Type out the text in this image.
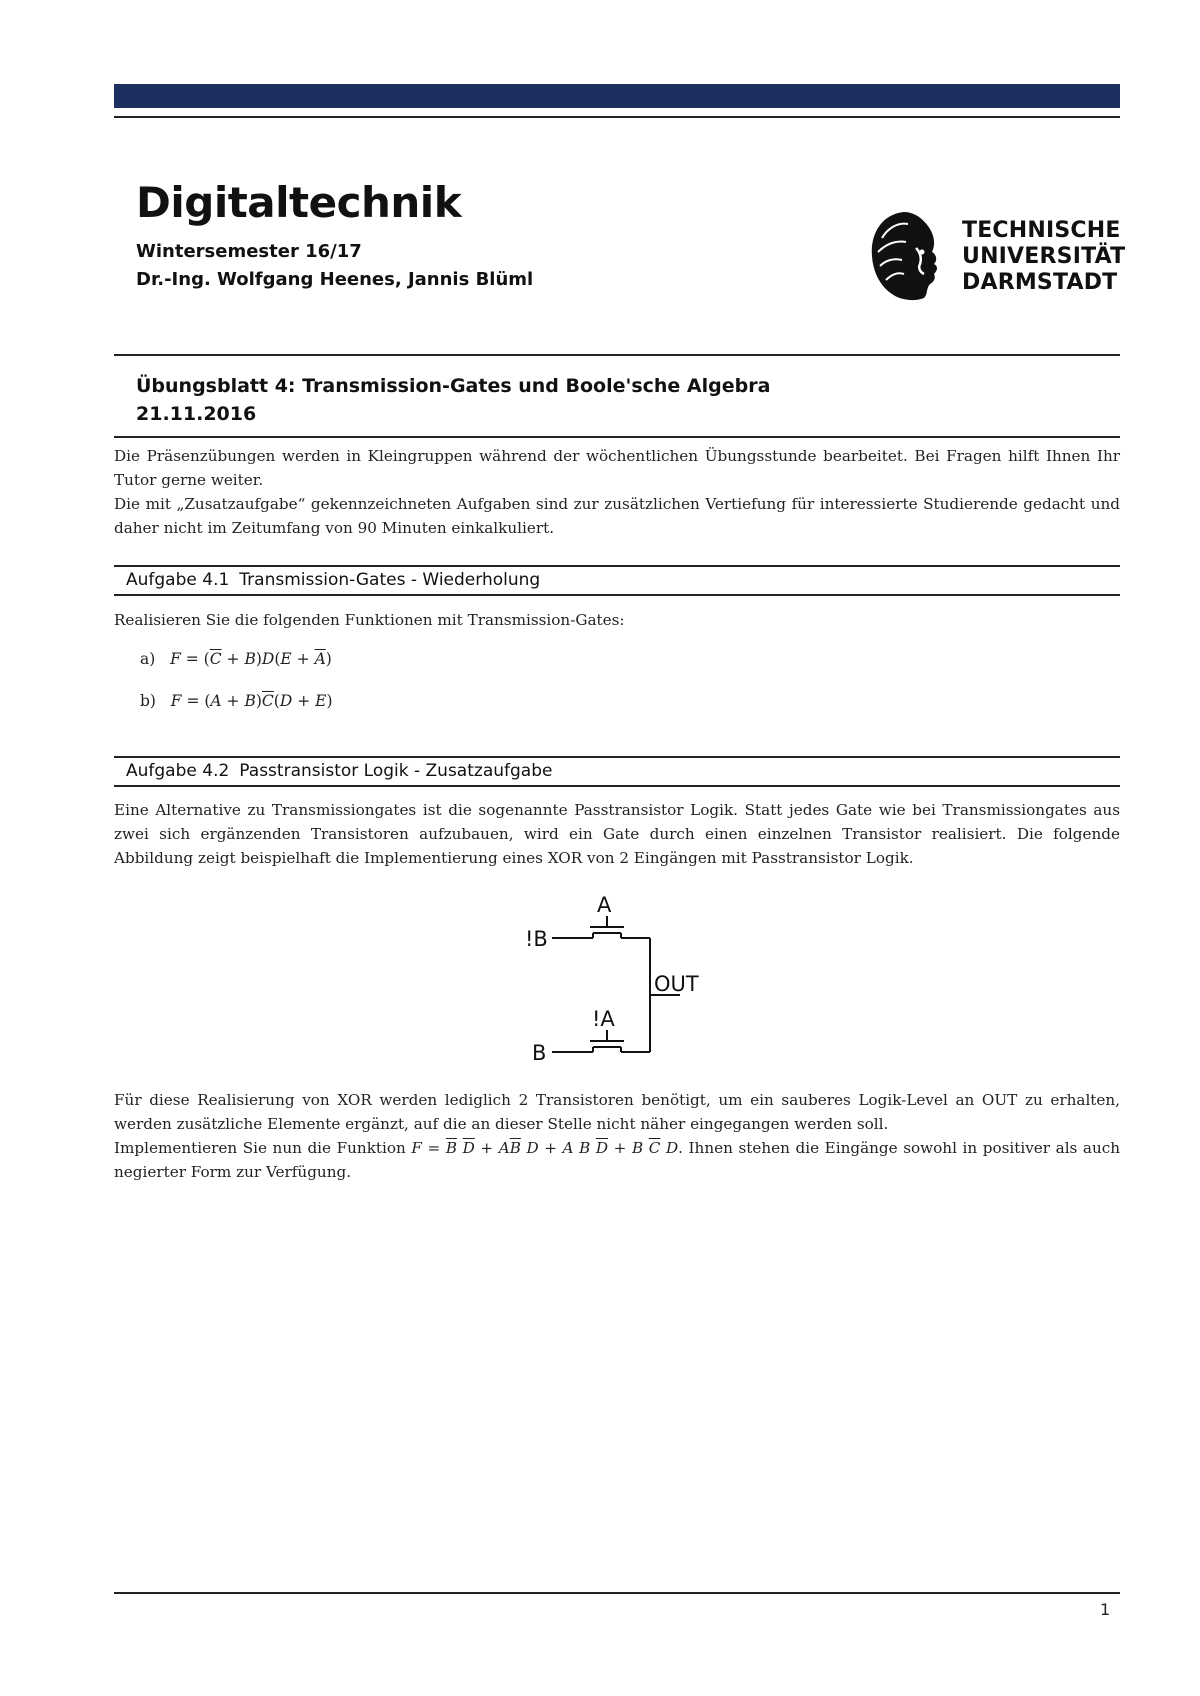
Digitaltechnik
Wintersemester 16/17
Dr.-Ing. Wolfgang Heenes, Jannis Blüml
TECHNISCHE
UNIVERSITÄT
DARMSTADT
Übungsblatt 4: Transmission-Gates und Boole'sche Algebra
21.11.2016

Die Präsenzübungen werden in Kleingruppen während der wöchentlichen Übungsstunde bearbeitet. Bei Fragen hilft Ihnen Ihr Tutor gerne weiter.

Die mit „Zusatzaufgabe“ gekennzeichneten Aufgaben sind zur zusätzlichen Vertiefung für interessierte Studierende gedacht und daher nicht im Zeitumfang von 90 Minuten einkalkuliert.

Aufgabe 4.1 Transmission-Gates - Wiederholung

Realisieren Sie die folgenden Funktionen mit Transmission-Gates:

a)   $F = (\overline{C} + B)D(E + \overline{A})$
b)   $F = (A + B)\overline{C}(D + E)$
Aufgabe 4.2 Passtransistor Logik - Zusatzaufgabe

Eine Alternative zu Transmissiongates ist die sogenannte Passtransistor Logik. Statt jedes Gate wie bei Transmissiongates aus zwei sich ergänzenden Transistoren aufzubauen, wird ein Gate durch einen einzelnen Transistor realisiert. Die folgende Abbildung zeigt beispielhaft die Implementierung eines XOR von 2 Eingängen mit Passtransistor Logik.

A
!B
OUT
!A
B

Für diese Realisierung von XOR werden lediglich 2 Transistoren benötigt, um ein sauberes Logik-Level an OUT zu erhalten, werden zusätzliche Elemente ergänzt, auf die an dieser Stelle nicht näher eingegangen werden soll.

Implementieren Sie nun die Funktion $F = \overline{B}$ $\overline{D} + A\overline{B}$ D + A B $\overline{D} + B$ $\overline{C}$ D. Ihnen stehen die Eingänge sowohl in positiver als auch negierter Form zur Verfügung.

1
